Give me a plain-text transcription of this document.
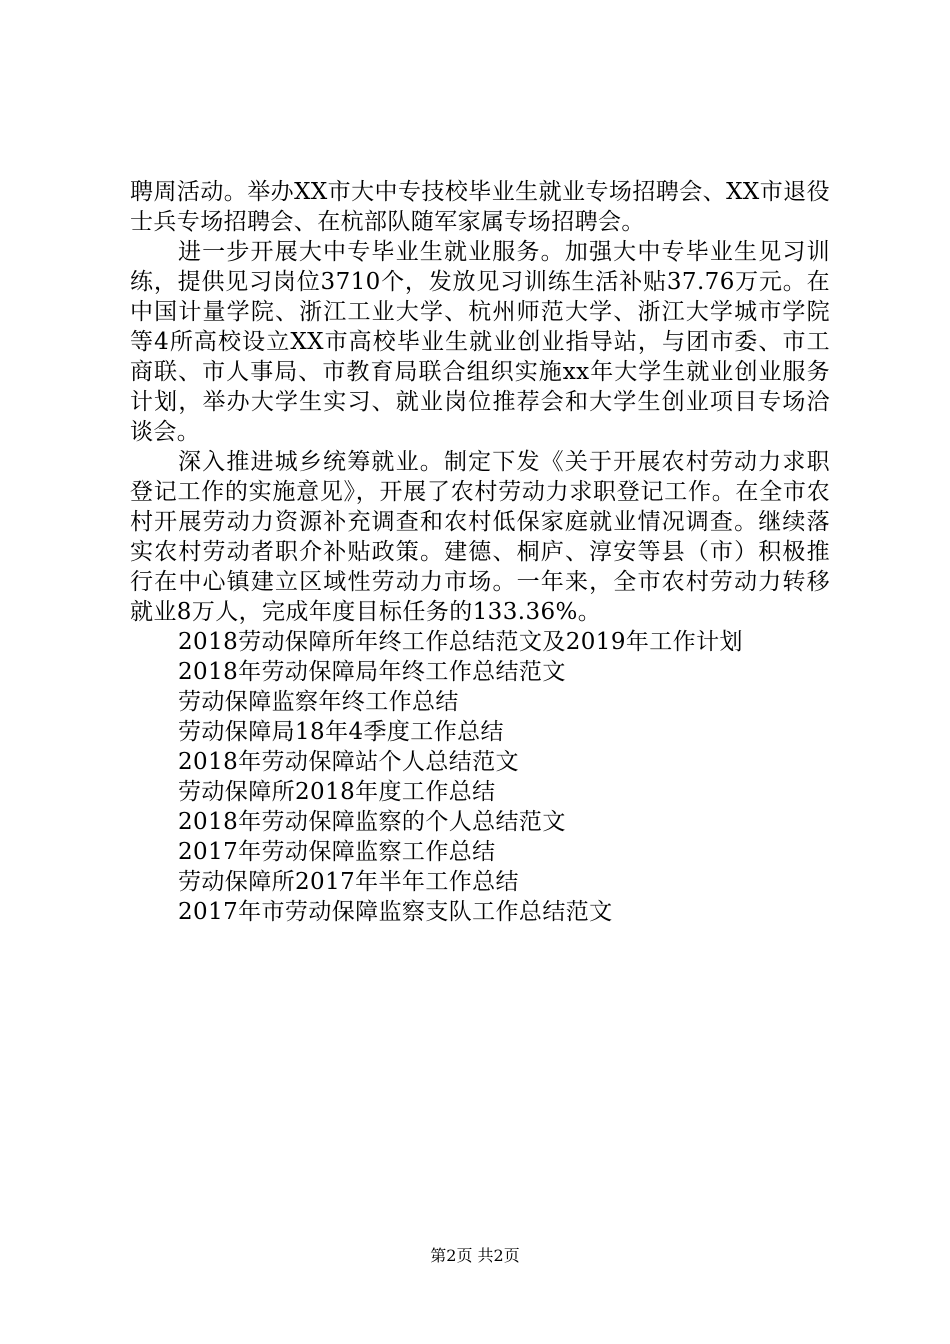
聘周活动。举办XX市大中专技校毕业生就业专场招聘会、XX市退役士兵专场招聘会、在杭部队随军家属专场招聘会。

进一步开展大中专毕业生就业服务。加强大中专毕业生见习训练，提供见习岗位3710个，发放见习训练生活补贴37.76万元。在中国计量学院、浙江工业大学、杭州师范大学、浙江大学城市学院等4所高校设立XX市高校毕业生就业创业指导站，与团市委、市工商联、市人事局、市教育局联合组织实施xx年大学生就业创业服务计划，举办大学生实习、就业岗位推荐会和大学生创业项目专场洽谈会。

深入推进城乡统筹就业。制定下发《关于开展农村劳动力求职登记工作的实施意见》，开展了农村劳动力求职登记工作。在全市农村开展劳动力资源补充调查和农村低保家庭就业情况调查。继续落实农村劳动者职介补贴政策。建德、桐庐、淳安等县（市）积极推行在中心镇建立区域性劳动力市场。一年来，全市农村劳动力转移就业8万人，完成年度目标任务的133.36%。

2018劳动保障所年终工作总结范文及2019年工作计划
2018年劳动保障局年终工作总结范文
劳动保障监察年终工作总结
劳动保障局18年4季度工作总结
2018年劳动保障站个人总结范文
劳动保障所2018年度工作总结
2018年劳动保障监察的个人总结范文
2017年劳动保障监察工作总结
劳动保障所2017年半年工作总结
2017年市劳动保障监察支队工作总结范文
第2页 共2页
